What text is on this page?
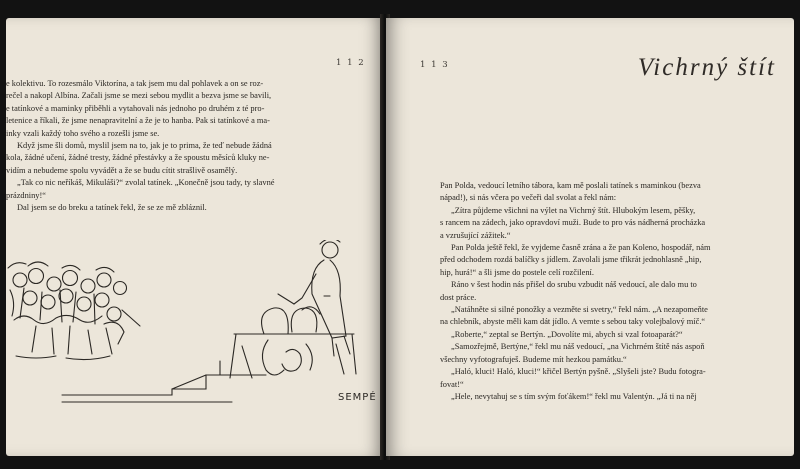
1 1 2

e kolektivu. To rozesmálo Viktorína, a tak jsem mu dal pohlavek a on se roz-

rečel a nakopl Albína. Začali jsme se mezi sebou mydlit a bezva jsme se bavili,

e tatínkové a maminky přiběhli a vytahovali nás jednoho po druhém z té pro-

letenice a říkali, že jsme nenapravitelní a že je to hanba. Pak si tatínkové a ma-

inky vzali každý toho svého a rozešli jsme se.

Když jsme šli domů, myslil jsem na to, jak je to prima, že teď nebude žádná

kola, žádné učení, žádné tresty, žádné přestávky a že spoustu měsíců kluky ne-

vidím a nebudeme spolu vyvádět a že se budu cítit strašlivě osamělý.

„Tak co nic neříkáš, Mikuláši?“ zvolal tatínek. „Konečně jsou tady, ty slavné

prázdniny!“

Dal jsem se do breku a tatínek řekl, že se ze mě zbláznil.

SEMPÉ
1 1 3	Vichrný štít

Pan Polda, vedoucí letního tábora, kam mě poslali tatínek s maminkou (bezva

nápad!), si nás včera po večeři dal svolat a řekl nám:

„Zítra půjdeme všichni na výlet na Vichrný štít. Hlubokým lesem, pěšky,

s rancem na zádech, jako opravdoví muži. Bude to pro vás nádherná procházka

a vzrušující zážitek.“

Pan Polda ještě řekl, že vyjdeme časně zrána a že pan Koleno, hospodář, nám

před odchodem rozdá balíčky s jídlem. Zavolali jsme třikrát jednohlasně „hip,

hip, hurá!“ a šli jsme do postele celí rozčilení.

Ráno v šest hodin nás přišel do srubu vzbudit náš vedoucí, ale dalo mu to

dost práce.

„Natáhněte si silné ponožky a vezměte si svetry,“ řekl nám. „A nezapomeňte

na chlebník, abyste měli kam dát jídlo. A vemte s sebou taky volejbalový míč.“

„Roberte,“ zeptal se Bertýn. „Dovolíte mi, abych si vzal fotoaparát?“

„Samozřejmě, Bertýne,“ řekl mu náš vedoucí, „na Vichrném štítě nás aspoň

všechny vyfotografuješ. Budeme mít hezkou památku.“

„Haló, kluci! Haló, kluci!“ křičel Bertýn pyšně. „Slyšeli jste? Budu fotogra-

fovat!“

„Hele, nevytahuj se s tím svým foťákem!“ řekl mu Valentýn. „Já ti na něj
